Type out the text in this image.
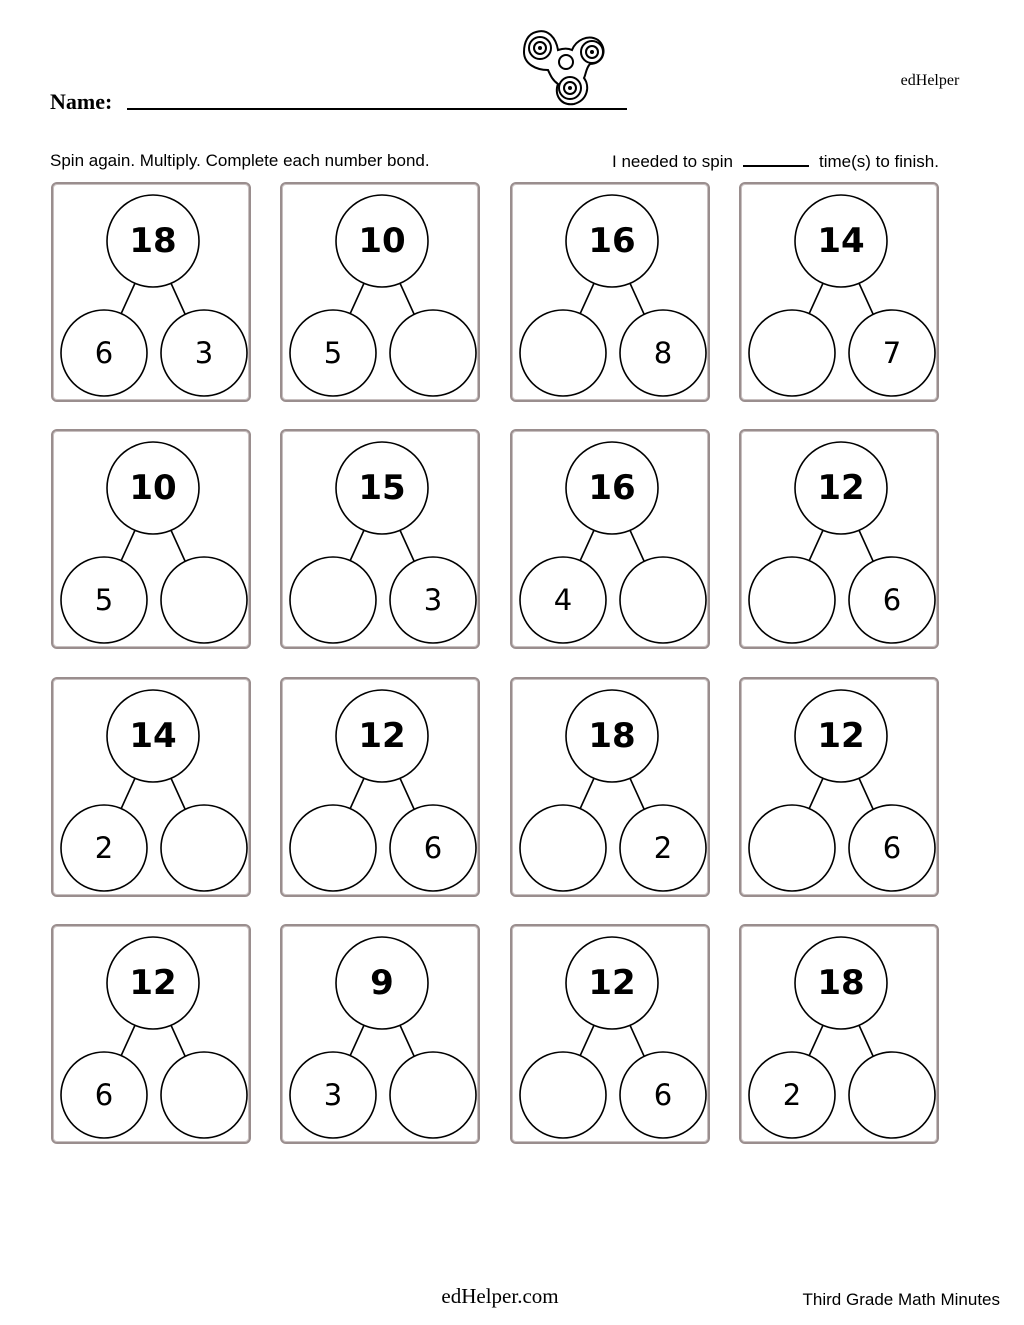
edHelper
Name:
Spin again. Multiply. Complete each number bond.	I needed to spin	time(s) to finish.
18
6	3
10
5
16
8
14
7
10
5
15
3
16
4
12
6
14
2
12
6
18
2
12
6
12
6
9
3
12
6
18
2
edHelper.com	Third Grade Math Minutes
